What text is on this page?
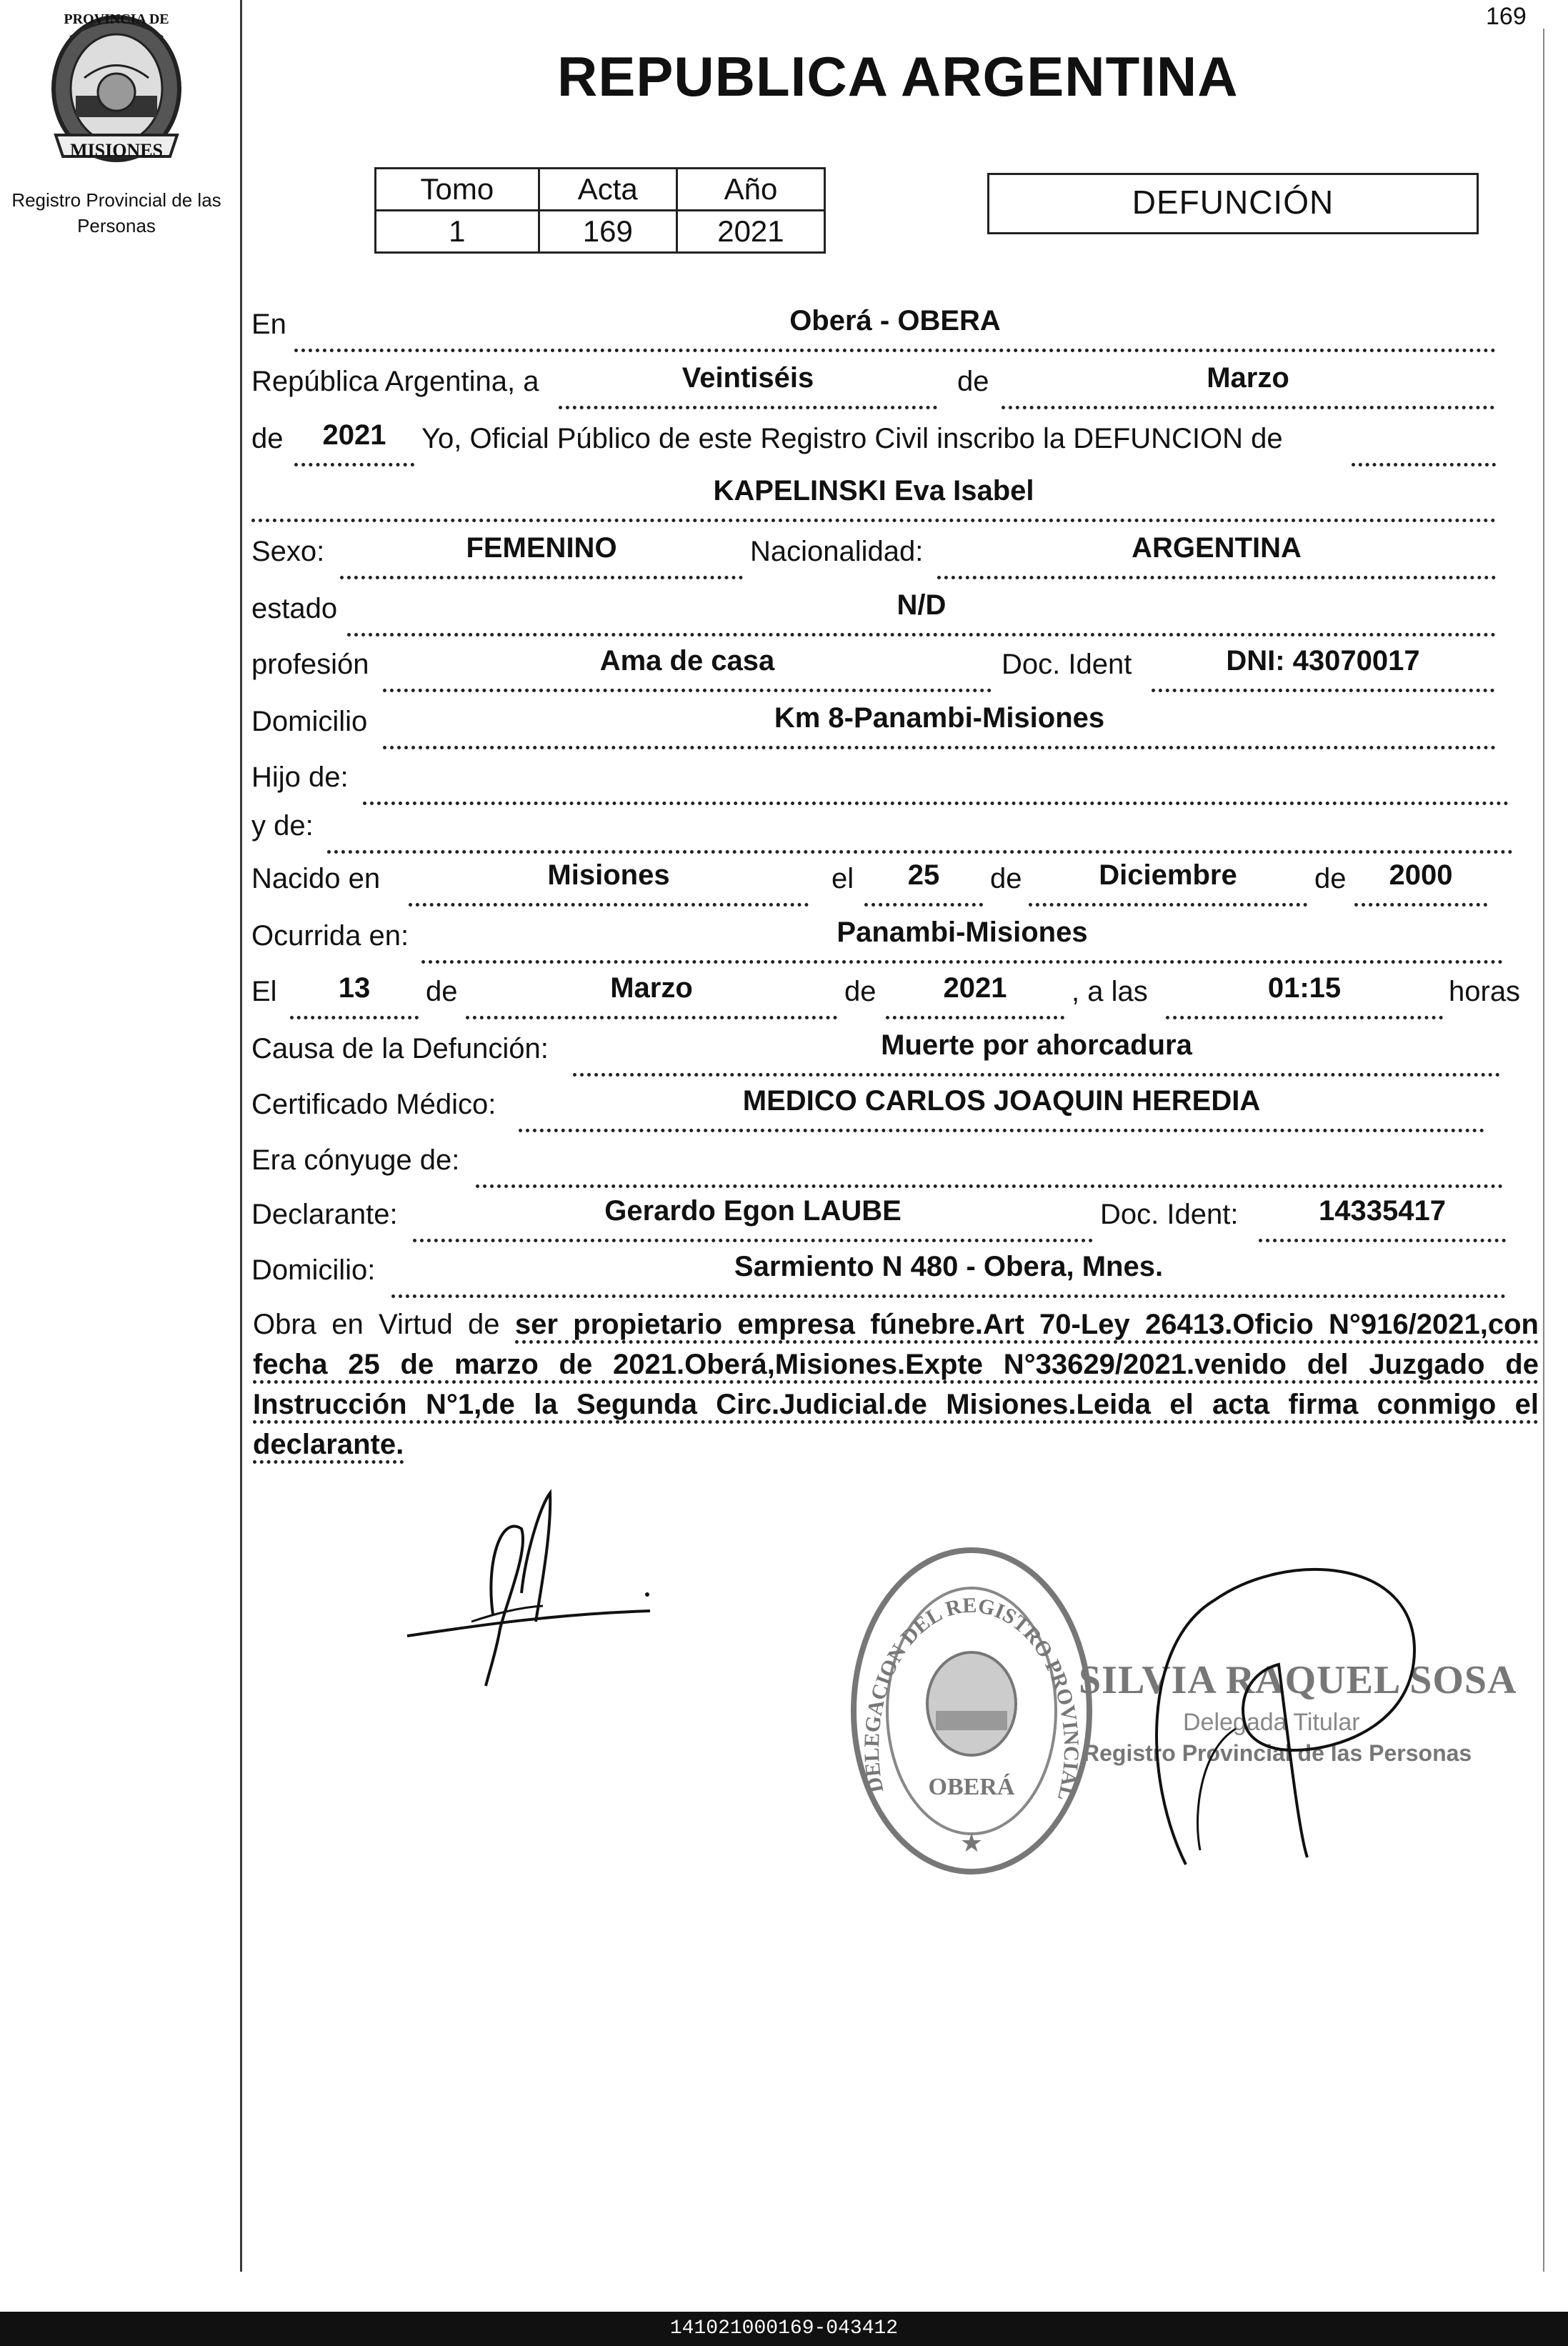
169
PROVINCIA DE
MISIONES
Registro Provincial de las Personas
REPUBLICA ARGENTINA
Tomo	Acta	Año
1	169	2021
DEFUNCIÓN
En	Oberá - OBERA
República Argentina, a	Veintiséis	de	Marzo
de	2021	Yo, Oficial Público de este Registro Civil inscribo la DEFUNCION de
KAPELINSKI Eva Isabel
Sexo:	FEMENINO	Nacionalidad:	ARGENTINA
estado	N/D
profesión	Ama de casa	Doc. Ident	DNI: 43070017
Domicilio	Km 8-Panambi-Misiones
Hijo de:
y de:
Nacido en	Misiones	el	25	de	Diciembre	de	2000
Ocurrida en:	Panambi-Misiones
El	13	de	Marzo	de	2021	, a las	01:15	horas
Causa de la Defunción:	Muerte por ahorcadura
Certificado Médico:	MEDICO CARLOS JOAQUIN HEREDIA
Era cónyuge de:
Declarante:	Gerardo Egon LAUBE	Doc. Ident:	14335417
Domicilio:	Sarmiento N 480 - Obera, Mnes.
Obra en Virtud de ser propietario empresa fúnebre.Art 70-Ley 26413.Oficio N°916/2021,con fecha 25 de marzo de 2021.Oberá,Misiones.Expte N°33629/2021.venido del Juzgado de Instrucción N°1,de la Segunda Circ.Judicial.de Misiones.Leida el acta firma conmigo el declarante.
DELEGACION DEL REGISTRO PROVINCIAL
OBERÁ
★
SILVIA RAQUEL SOSA
Delegada Titular
Registro Provincial de las Personas
141021000169-043412
